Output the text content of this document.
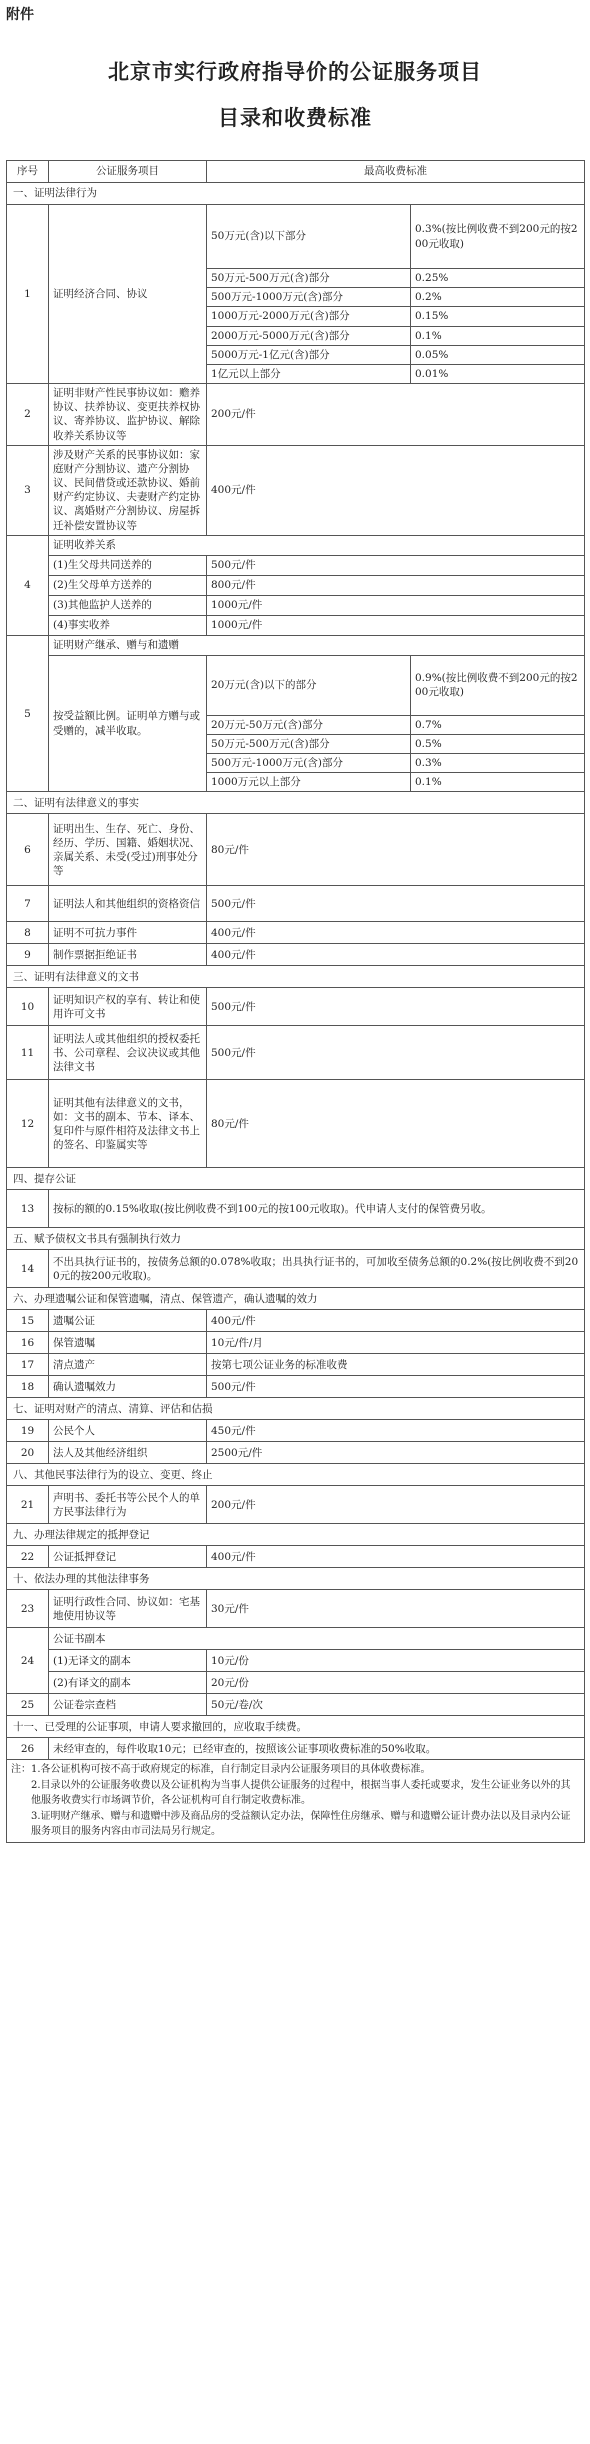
附件
北京市实行政府指导价的公证服务项目
目录和收费标准
序号	公证服务项目	最高收费标准	
一、证明法律行为			
1	证明经济合同、协议	50万元(含)以下部分	0.3%(按比例收费不到200元的按200元收取)
		50万元-500万元(含)部分	0.25%
		500万元-1000万元(含)部分	0.2%
		1000万元-2000万元(含)部分	0.15%
		2000万元-5000万元(含)部分	0.1%
		5000万元-1亿元(含)部分	0.05%
		1亿元以上部分	0.01%
2	证明非财产性民事协议如：赡养协议、扶养协议、变更扶养权协议、寄养协议、监护协议、解除收养关系协议等	200元/件	
3	涉及财产关系的民事协议如：家庭财产分割协议、遗产分割协议、民间借贷或还款协议、婚前财产约定协议、夫妻财产约定协议、离婚财产分割协议、房屋拆迁补偿安置协议等	400元/件	
4	证明收养关系		
	(1)生父母共同送养的	500元/件	
	(2)生父母单方送养的	800元/件	
	(3)其他监护人送养的	1000元/件	
	(4)事实收养	1000元/件	
5	证明财产继承、赠与和遗赠		
	按受益额比例。证明单方赠与或受赠的，减半收取。	20万元(含)以下的部分	0.9%(按比例收费不到200元的按200元收取)
		20万元-50万元(含)部分	0.7%
		50万元-500万元(含)部分	0.5%
		500万元-1000万元(含)部分	0.3%
		1000万元以上部分	0.1%
二、证明有法律意义的事实			
6	证明出生、生存、死亡、身份、经历、学历、国籍、婚姻状况、亲属关系、未受(受过)刑事处分等	80元/件	
7	证明法人和其他组织的资格资信	500元/件	
8	证明不可抗力事件	400元/件	
9	制作票据拒绝证书	400元/件	
三、证明有法律意义的文书			
10	证明知识产权的享有、转让和使用许可文书	500元/件	
11	证明法人或其他组织的授权委托书、公司章程、会议决议或其他法律文书	500元/件	
12	证明其他有法律意义的文书，如：文书的副本、节本、译本、复印件与原件相符及法律文书上的签名、印鉴属实等	80元/件	
四、提存公证			
13	按标的额的0.15%收取(按比例收费不到100元的按100元收取)。代申请人支付的保管费另收。		
五、赋予债权文书具有强制执行效力			
14	不出具执行证书的，按债务总额的0.078%收取；出具执行证书的，可加收至债务总额的0.2%(按比例收费不到200元的按200元收取)。		
六、办理遗嘱公证和保管遗嘱，清点、保管遗产，确认遗嘱的效力			
15	遗嘱公证	400元/件	
16	保管遗嘱	10元/件/月	
17	清点遗产	按第七项公证业务的标准收费	
18	确认遗嘱效力	500元/件	
七、证明对财产的清点、清算、评估和估损			
19	公民个人	450元/件	
20	法人及其他经济组织	2500元/件	
八、其他民事法律行为的设立、变更、终止			
21	声明书、委托书等公民个人的单方民事法律行为	200元/件	
九、办理法律规定的抵押登记			
22	公证抵押登记	400元/件	
十、依法办理的其他法律事务			
23	证明行政性合同、协议如：宅基地使用协议等	30元/件	
24	公证书副本		
	(1)无译文的副本	10元/份	
	(2)有译文的副本	20元/份	
25	公证卷宗查档	50元/卷/次	
十一、已受理的公证事项，申请人要求撤回的，应收取手续费。			
26	未经审查的，每件收取10元；已经审查的，按照该公证事项收费标准的50%收取。		

注：1.各公证机构可按不高于政府规定的标准，自行制定目录内公证服务项目的具体收费标准。
2.目录以外的公证服务收费以及公证机构为当事人提供公证服务的过程中，根据当事人委托或要求，发生公证业务以外的其他服务收费实行市场调节价，各公证机构可自行制定收费标准。
3.证明财产继承、赠与和遗赠中涉及商品房的受益额认定办法，保障性住房继承、赠与和遗赠公证计费办法以及目录内公证服务项目的服务内容由市司法局另行规定。			
